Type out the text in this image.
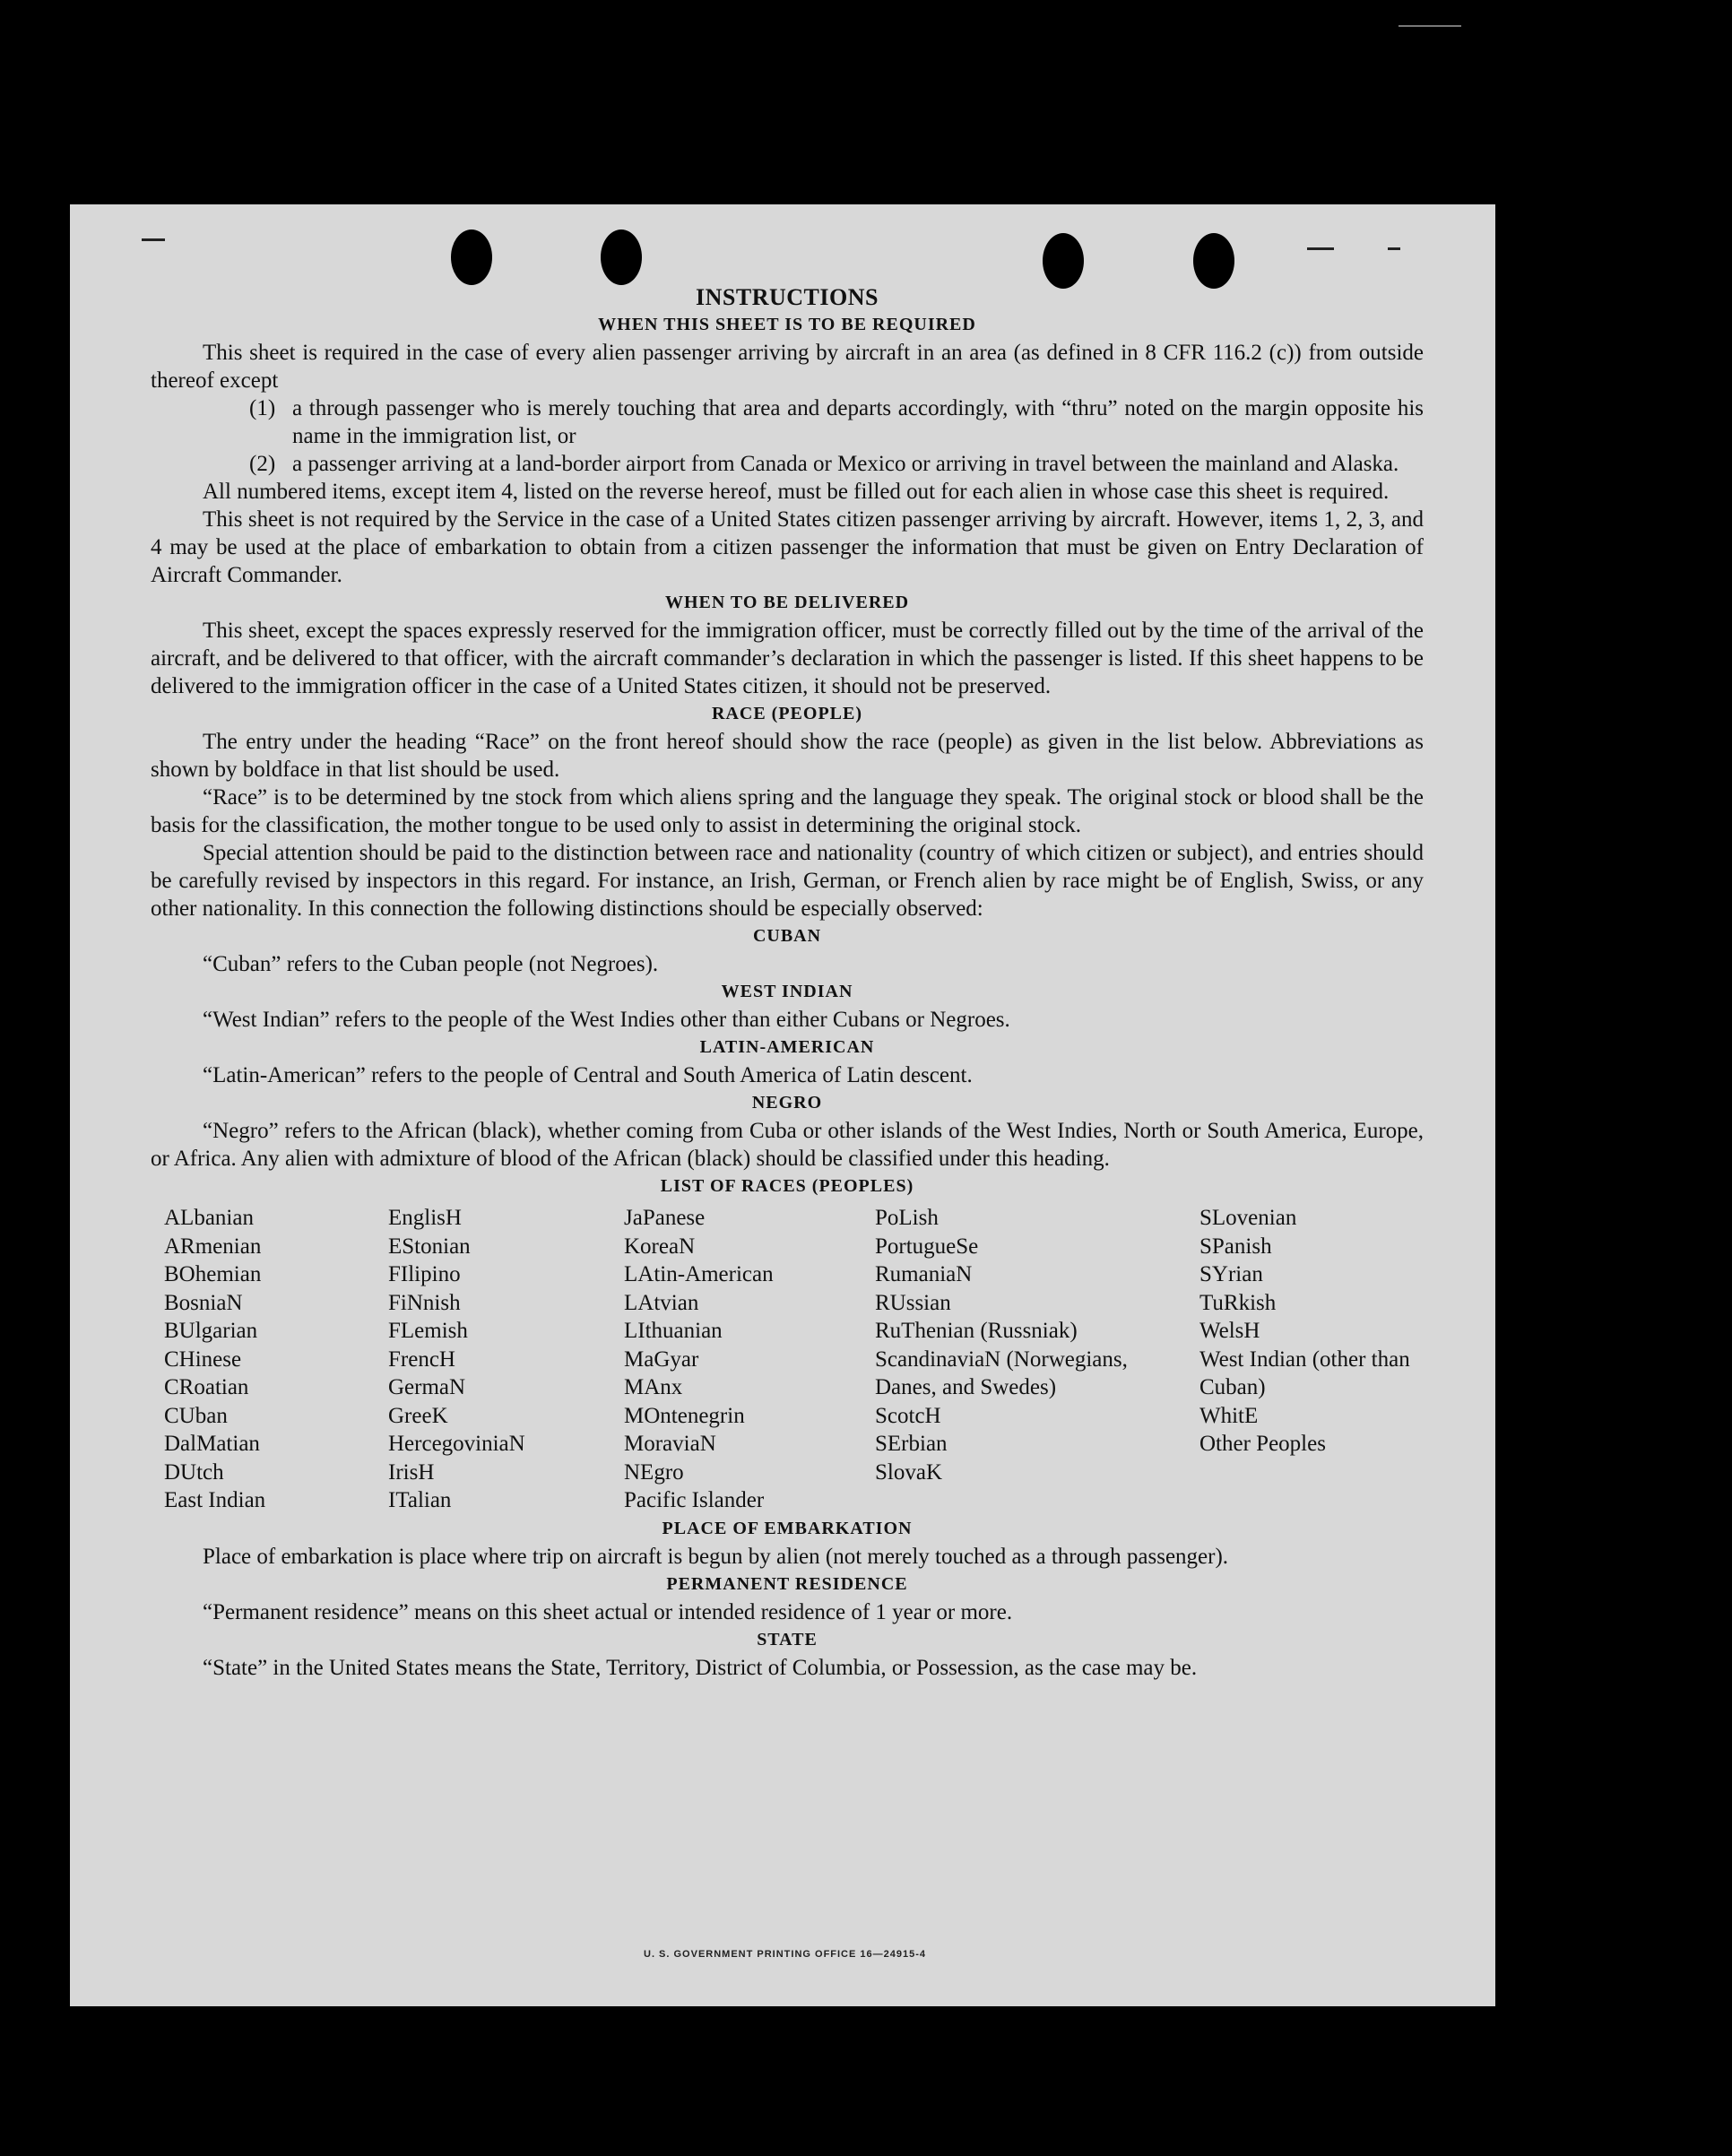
INSTRUCTIONS

WHEN THIS SHEET IS TO BE REQUIRED

This sheet is required in the case of every alien passenger arriving by aircraft in an area (as defined in 8 CFR 116.2 (c)) from outside thereof except

(1) a through passenger who is merely touching that area and departs accordingly, with “thru” noted on the margin opposite his name in the immigration list, or
(2) a passenger arriving at a land-border airport from Canada or Mexico or arriving in travel between the mainland and Alaska.

All numbered items, except item 4, listed on the reverse hereof, must be filled out for each alien in whose case this sheet is required.

This sheet is not required by the Service in the case of a United States citizen passenger arriving by aircraft. However, items 1, 2, 3, and 4 may be used at the place of embarkation to obtain from a citizen passenger the information that must be given on Entry Declaration of Aircraft Commander.

WHEN TO BE DELIVERED

This sheet, except the spaces expressly reserved for the immigration officer, must be correctly filled out by the time of the arrival of the aircraft, and be delivered to that officer, with the aircraft commander’s declaration in which the passenger is listed. If this sheet happens to be delivered to the immigration officer in the case of a United States citizen, it should not be preserved.

RACE (PEOPLE)

The entry under the heading “Race” on the front hereof should show the race (people) as given in the list below. Abbreviations as shown by boldface in that list should be used.

“Race” is to be determined by tne stock from which aliens spring and the language they speak. The original stock or blood shall be the basis for the classification, the mother tongue to be used only to assist in determining the original stock.

Special attention should be paid to the distinction between race and nationality (country of which citizen or subject), and entries should be carefully revised by inspectors in this regard. For instance, an Irish, German, or French alien by race might be of English, Swiss, or any other nationality. In this connection the following distinctions should be especially observed:

CUBAN

“Cuban” refers to the Cuban people (not Negroes).

WEST INDIAN

“West Indian” refers to the people of the West Indies other than either Cubans or Negroes.

LATIN-AMERICAN

“Latin-American” refers to the people of Central and South America of Latin descent.

NEGRO

“Negro” refers to the African (black), whether coming from Cuba or other islands of the West Indies, North or South America, Europe, or Africa. Any alien with admixture of blood of the African (black) should be classified under this heading.

LIST OF RACES (PEOPLES)

ALbanian
ARmenian
BOhemian
BosniaN
BUlgarian
CHinese
CRoatian
CUban
DalMatian
DUtch
East Indian
EnglisH
EStonian
FIlipino
FiNnish
FLemish
FrencH
GermaN
GreeK
HercegoviniaN
IrisH
ITalian
JaPanese
KoreaN
LAtin-American
LAtvian
LIthuanian
MaGyar
MAnx
MOntenegrin
MoraviaN
NEgro
Pacific Islander
PoLish
PortugueSe
RumaniaN
RUssian
RuThenian (Russniak)
ScandinaviaN (Norwegians, Danes, and Swedes)
ScotcH
SErbian
SlovaK
SLovenian
SPanish
SYrian
TuRkish
WelsH
West Indian (other than Cuban)
WhitE
Other Peoples

PLACE OF EMBARKATION

Place of embarkation is place where trip on aircraft is begun by alien (not merely touched as a through passenger).

PERMANENT RESIDENCE

“Permanent residence” means on this sheet actual or intended residence of 1 year or more.

STATE

“State” in the United States means the State, Territory, District of Columbia, or Possession, as the case may be.

U. S. GOVERNMENT PRINTING OFFICE 16—24915-4
